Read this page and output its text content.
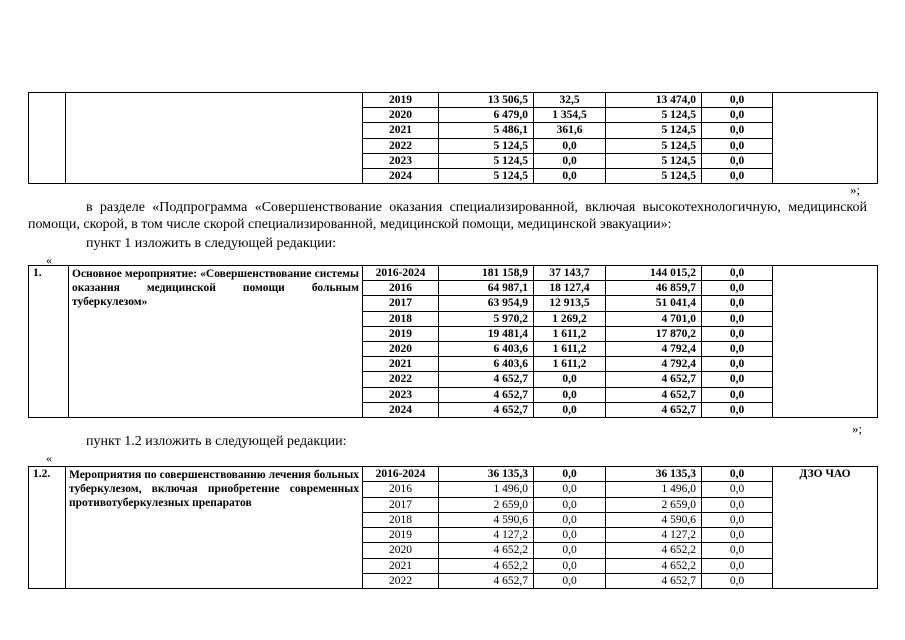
		2019	13 506,5	32,5	13 474,0	0,0	
		2020	6 479,0	1 354,5	5 124,5	0,0	
		2021	5 486,1	361,6	5 124,5	0,0	
		2022	5 124,5	0,0	5 124,5	0,0	
		2023	5 124,5	0,0	5 124,5	0,0	
		2024	5 124,5	0,0	5 124,5	0,0	
»;
в разделе «Подпрограмма «Совершенствование оказания специализированной, включая высокотехнологичную, медицинской помощи, скорой, в том числе скорой специализированной, медицинской помощи, медицинской эвакуации»:
пункт 1 изложить в следующей редакции:
«
1.	Основное мероприятие: «Совершенствование системы оказания медицинской помощи больным туберкулезом»	2016-2024	181 158,9	37 143,7	144 015,2	0,0	
		2016	64 987,1	18 127,4	46 859,7	0,0	
		2017	63 954,9	12 913,5	51 041,4	0,0	
		2018	5 970,2	1 269,2	4 701,0	0,0	
		2019	19 481,4	1 611,2	17 870,2	0,0	
		2020	6 403,6	1 611,2	4 792,4	0,0	
		2021	6 403,6	1 611,2	4 792,4	0,0	
		2022	4 652,7	0,0	4 652,7	0,0	
		2023	4 652,7	0,0	4 652,7	0,0	
		2024	4 652,7	0,0	4 652,7	0,0	
»;
пункт 1.2 изложить в следующей редакции:
«
1.2.	Мероприятия по совершенствованию лечения больных туберкулезом, включая приобретение современных противотуберкулезных препаратов	2016-2024	36 135,3	0,0	36 135,3	0,0	ДЗО ЧАО
		2016	1 496,0	0,0	1 496,0	0,0	
		2017	2 659,0	0,0	2 659,0	0,0	
		2018	4 590,6	0,0	4 590,6	0,0	
		2019	4 127,2	0,0	4 127,2	0,0	
		2020	4 652,2	0,0	4 652,2	0,0	
		2021	4 652,2	0,0	4 652,2	0,0	
		2022	4 652,7	0,0	4 652,7	0,0	
